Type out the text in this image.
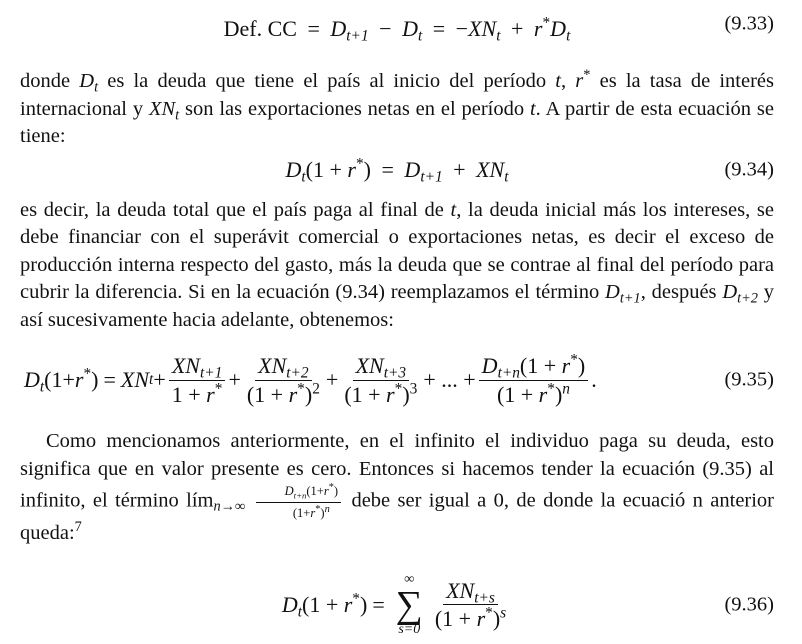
Def. CC = $D_{t+1} - D_t = -XN_t + r^*D_t$
(9.33)

donde $D_t$ es la deuda que tiene el país al inicio del período t, r* es la tasa de interés internacional y $XN_t$ son las exportaciones netas en el período t. A partir de esta ecuación se tiene:

$D_t(1 + r^*) = D_{t+1} + XN_t$	(9.34)

es decir, la deuda total que el país paga al final de t, la deuda inicial más los intereses, se debe financiar con el superávit comercial o exportaciones netas, es decir el exceso de producción interna respecto del gasto, más la deuda que se contrae al final del período para cubrir la diferencia. Si en la ecuación (9.34) reemplazamos el término $D_{t+1}$, después $D_{t+2}$ y así sucesivamente hacia adelante, obtenemos:

$D_t(1+r^*)$ = XN $t + \frac{XN_{t+1}}{1 + r^*} + \frac{XN_{t+2}}{(1 + r^*)^2} + \frac{XN_{t+3}}{(1 + r^*)^3}$ + ... + $\frac{D_{t+n}(1 + r^*)}{(1 + r^*)^n}$ .	(9.35)

Como mencionamos anteriormente, en el infinito el individuo paga su deuda, esto significa que en valor presente es cero. Entonces si hacemos tender la ecuación (9.35) al infinito, el término lím$_{n\to\infty}$ $\frac{D_{t+n}(1+r^*)}{(1+r^*)^n}$ debe ser igual a 0, de donde la ecuació n anterior queda:$^7$

$D_t(1 + r^*)$ =
∞
∑
$s=0 \frac{XN_{t+s}}{(1 + r^*)^s}$	(9.36)
